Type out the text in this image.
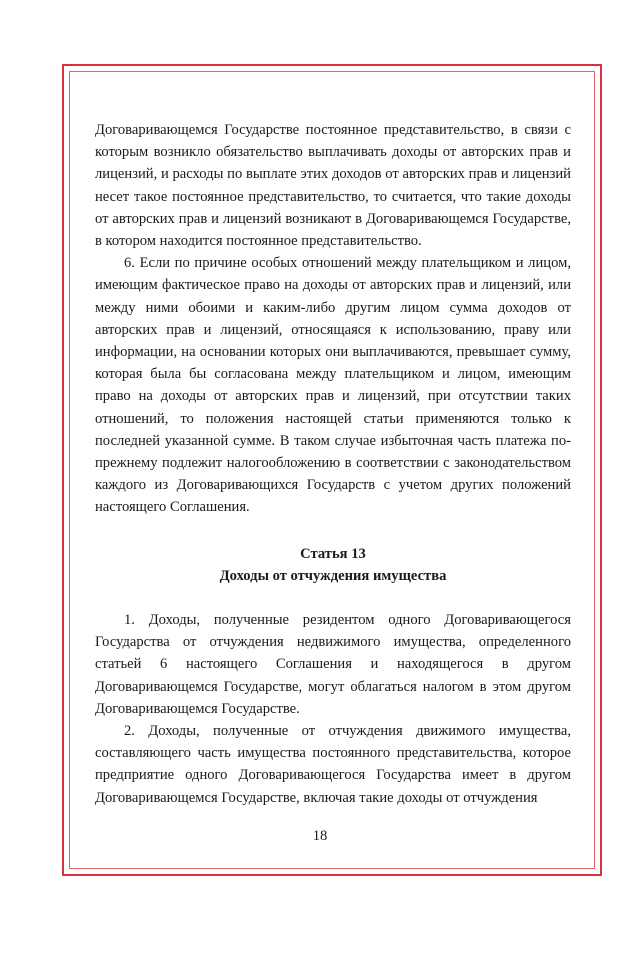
Договаривающемся Государстве постоянное представительство, в связи с которым возникло обязательство выплачивать доходы от авторских прав и лицензий, и расходы по выплате этих доходов от авторских прав и лицензий несет такое постоянное представительство, то считается, что такие доходы от авторских прав и лицензий возникают в Договаривающемся Государстве, в котором находится постоянное представительство.

6. Если по причине особых отношений между плательщиком и лицом, имеющим фактическое право на доходы от авторских прав и лицензий, или между ними обоими и каким-либо другим лицом сумма доходов от авторских прав и лицензий, относящаяся к использованию, праву или информации, на основании которых они выплачиваются, превышает сумму, которая была бы согласована между плательщиком и лицом, имеющим право на доходы от авторских прав и лицензий, при отсутствии таких отношений, то положения настоящей статьи применяются только к последней указанной сумме. В таком случае избыточная часть платежа по-прежнему подлежит налогообложению в соответствии с законодательством каждого из Договаривающихся Государств с учетом других положений настоящего Соглашения.

Статья 13
Доходы от отчуждения имущества

1. Доходы, полученные резидентом одного Договаривающегося Государства от отчуждения недвижимого имущества, определенного статьей 6 настоящего Соглашения и находящегося в другом Договаривающемся Государстве, могут облагаться налогом в этом другом Договаривающемся Государстве.

2. Доходы, полученные от отчуждения движимого имущества, составляющего часть имущества постоянного представительства, которое предприятие одного Договаривающегося Государства имеет в другом Договаривающемся Государстве, включая такие доходы от отчуждения

18
